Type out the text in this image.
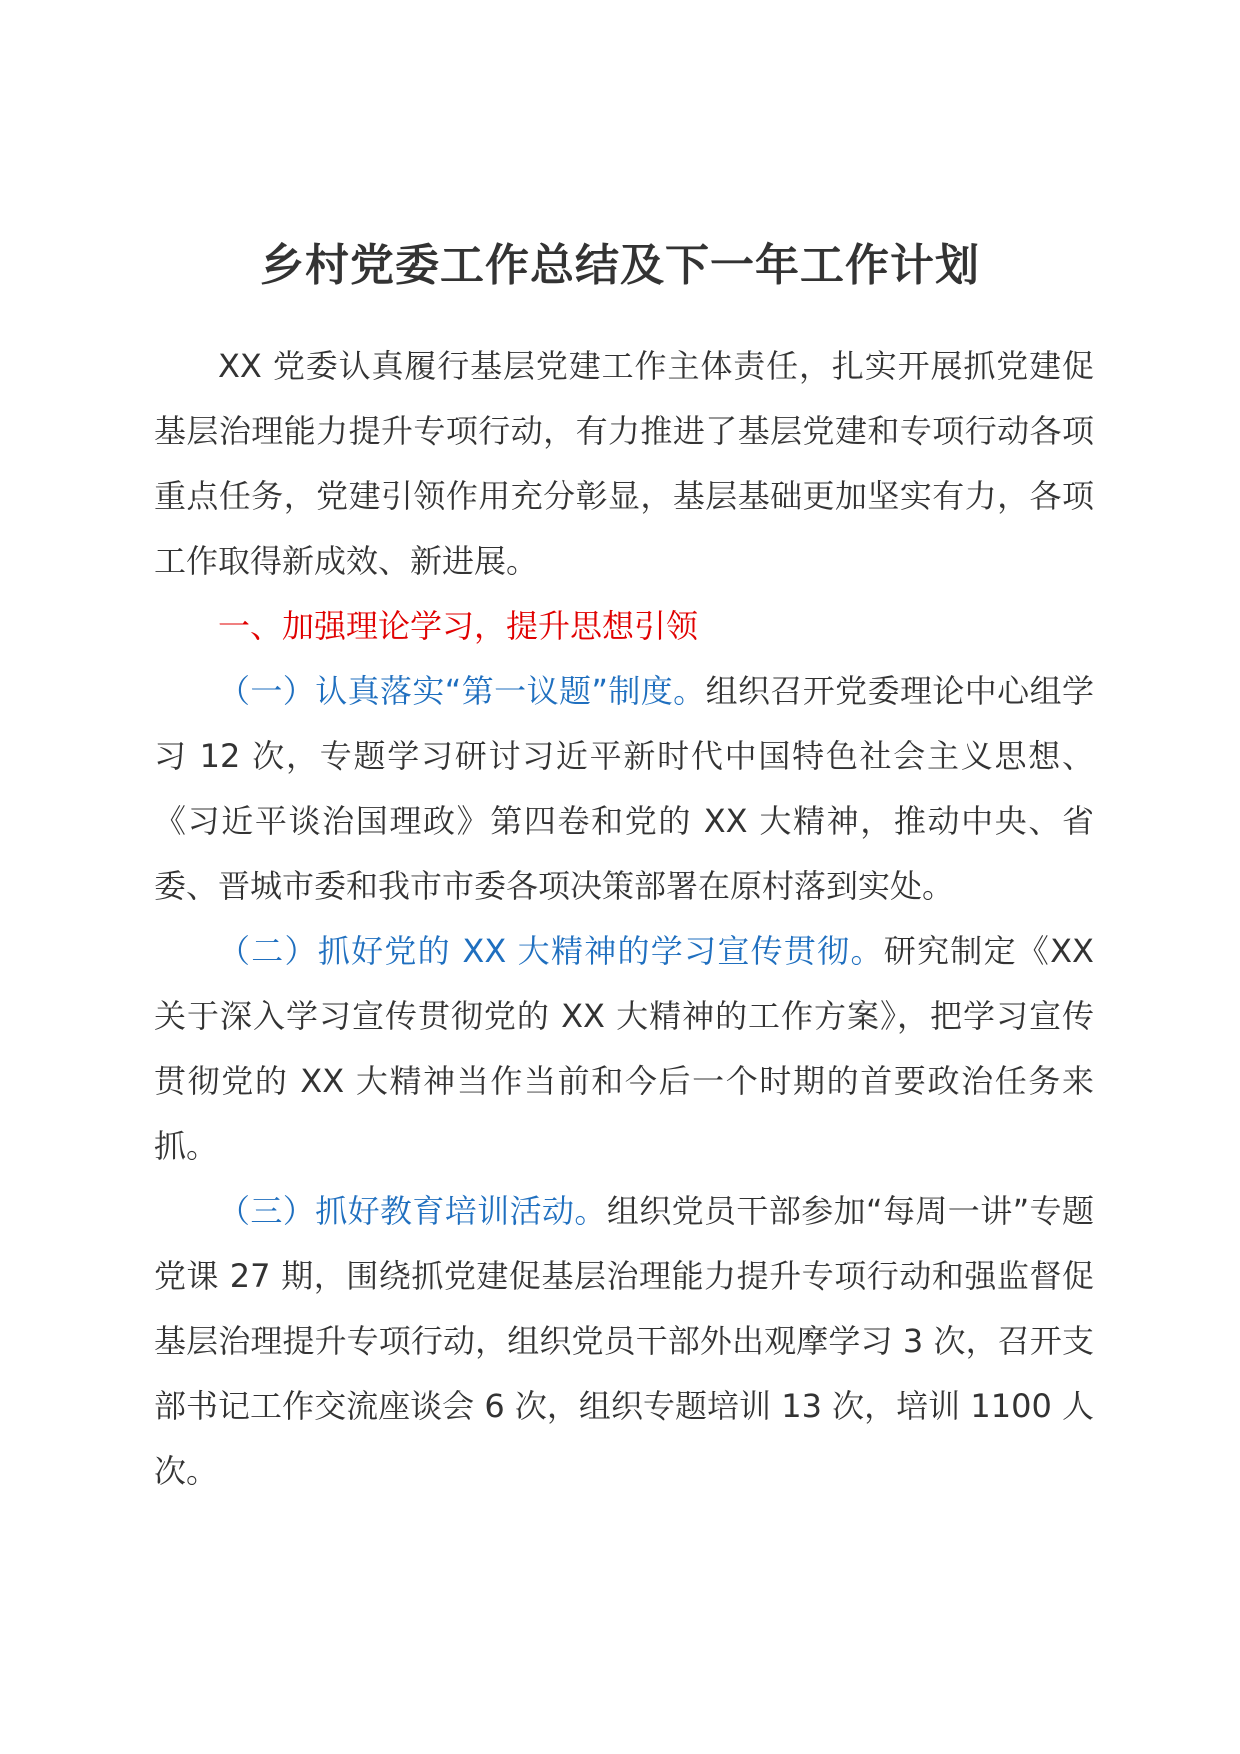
乡村党委工作总结及下一年工作计划

XX 党委认真履行基层党建工作主体责任，扎实开展抓党建促基层治理能力提升专项行动，有力推进了基层党建和专项行动各项重点任务，党建引领作用充分彰显，基层基础更加坚实有力，各项工作取得新成效、新进展。

一、加强理论学习，提升思想引领

（一）认真落实“第一议题”制度。组织召开党委理论中心组学习 12 次，专题学习研讨习近平新时代中国特色社会主义思想、《习近平谈治国理政》第四卷和党的 XX 大精神，推动中央、省委、晋城市委和我市市委各项决策部署在原村落到实处。

（二）抓好党的 XX 大精神的学习宣传贯彻。研究制定《XX 关于深入学习宣传贯彻党的 XX 大精神的工作方案》，把学习宣传贯彻党的 XX 大精神当作当前和今后一个时期的首要政治任务来抓。

（三）抓好教育培训活动。组织党员干部参加“每周一讲”专题党课 27 期，围绕抓党建促基层治理能力提升专项行动和强监督促基层治理提升专项行动，组织党员干部外出观摩学习 3 次，召开支部书记工作交流座谈会 6 次，组织专题培训 13 次，培训 1100 人次。
